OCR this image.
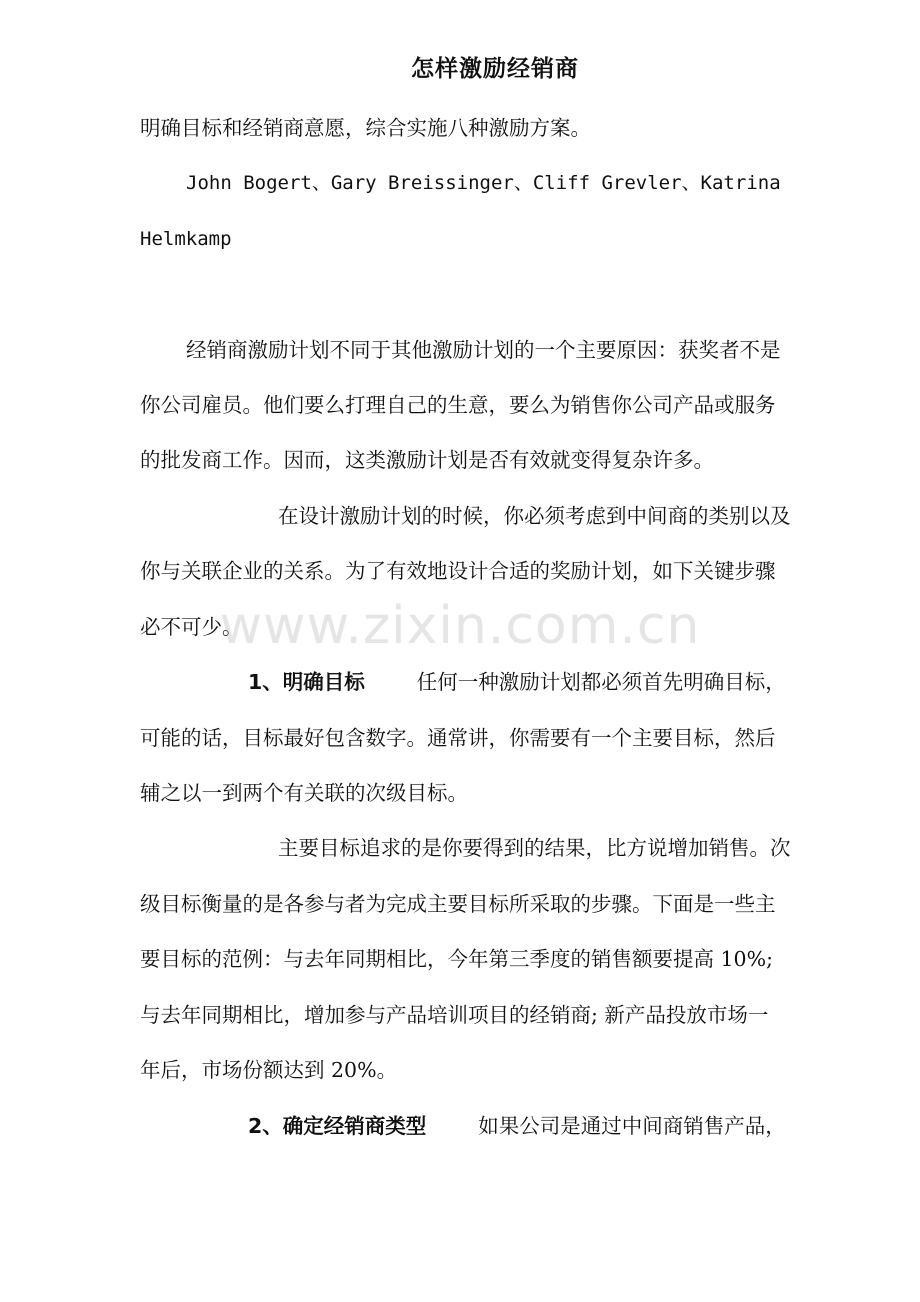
怎样激励经销商
明确目标和经销商意愿，综合实施八种激励方案。
John Bogert、Gary Breissinger、Cliff Grevler、Katrina
Helmkamp
经销商激励计划不同于其他激励计划的一个主要原因：获奖者不是
你公司雇员。他们要么打理自己的生意，要么为销售你公司产品或服务
的批发商工作。因而，这类激励计划是否有效就变得复杂许多。
在设计激励计划的时候，你必须考虑到中间商的类别以及
你与关联企业的关系。为了有效地设计合适的奖励计划，如下关键步骤
必不可少。
1、明确目标	任何一种激励计划都必须首先明确目标，
可能的话，目标最好包含数字。通常讲，你需要有一个主要目标，然后
辅之以一到两个有关联的次级目标。
主要目标追求的是你要得到的结果，比方说增加销售。次
级目标衡量的是各参与者为完成主要目标所采取的步骤。下面是一些主
要目标的范例：与去年同期相比，今年第三季度的销售额要提高 10%;
与去年同期相比，增加参与产品培训项目的经销商; 新产品投放市场一
年后，市场份额达到 20%。
2、确定经销商类型	如果公司是通过中间商销售产品，
www.zixin.com.cn
